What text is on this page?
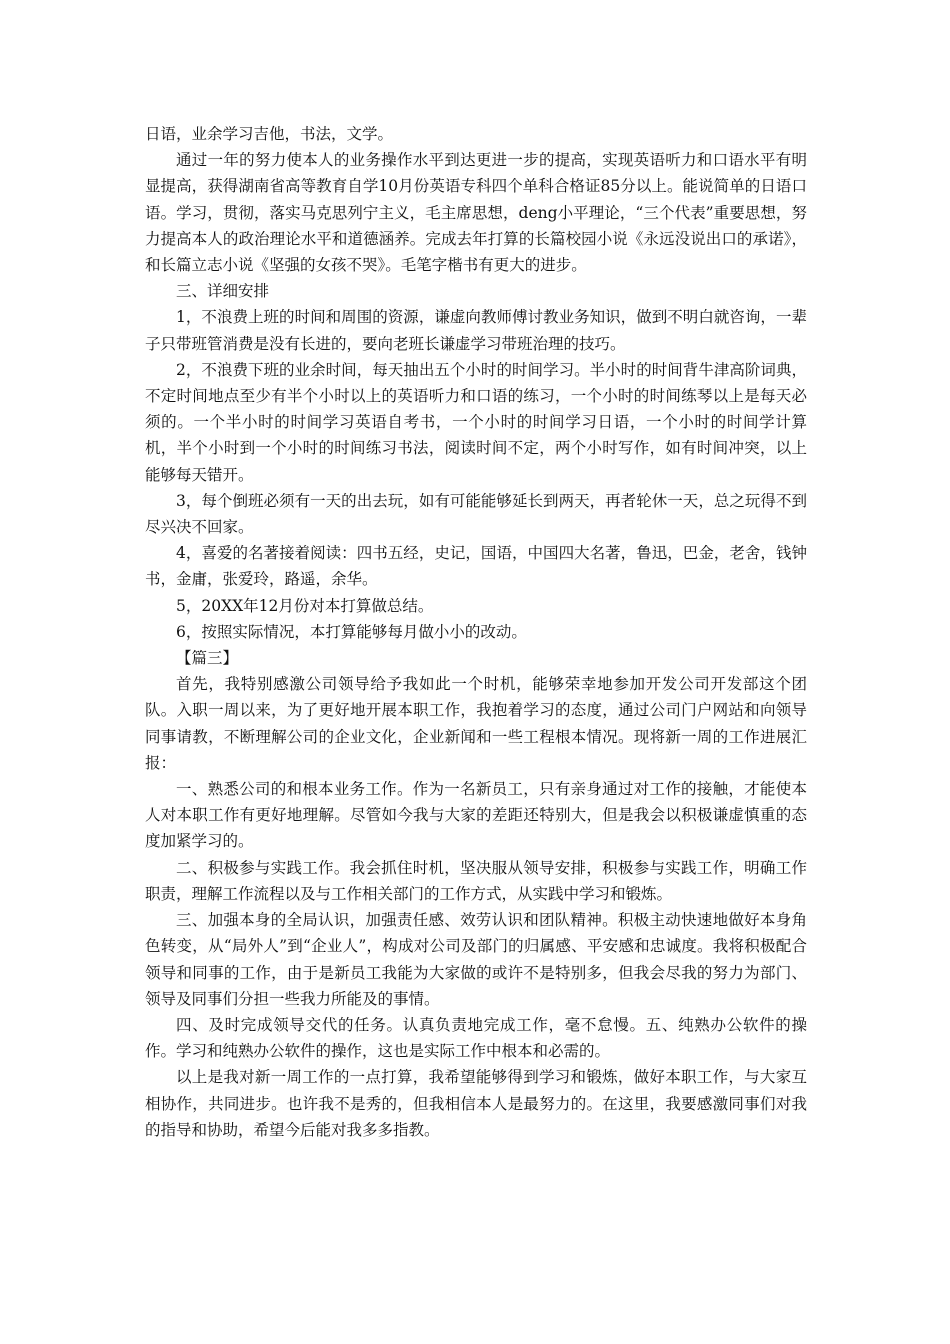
日语，业余学习吉他，书法，文学。

通过一年的努力使本人的业务操作水平到达更进一步的提高，实现英语听力和口语水平有明显提高，获得湖南省高等教育自学10月份英语专科四个单科合格证85分以上。能说简单的日语口语。学习，贯彻，落实马克思列宁主义，毛主席思想，deng小平理论，“三个代表”重要思想，努力提高本人的政治理论水平和道德涵养。完成去年打算的长篇校园小说《永远没说出口的承诺》，和长篇立志小说《坚强的女孩不哭》。毛笔字楷书有更大的进步。

三、详细安排

1，不浪费上班的时间和周围的资源，谦虚向教师傅讨教业务知识，做到不明白就咨询，一辈子只带班管消费是没有长进的，要向老班长谦虚学习带班治理的技巧。

2，不浪费下班的业余时间，每天抽出五个小时的时间学习。半小时的时间背牛津高阶词典，不定时间地点至少有半个小时以上的英语听力和口语的练习，一个小时的时间练琴以上是每天必须的。一个半小时的时间学习英语自考书，一个小时的时间学习日语，一个小时的时间学计算机，半个小时到一个小时的时间练习书法，阅读时间不定，两个小时写作，如有时间冲突，以上能够每天错开。

3，每个倒班必须有一天的出去玩，如有可能能够延长到两天，再者轮休一天，总之玩得不到尽兴决不回家。

4，喜爱的名著接着阅读：四书五经，史记，国语，中国四大名著，鲁迅，巴金，老舍，钱钟书，金庸，张爱玲，路遥，余华。

5，20XX年12月份对本打算做总结。

6，按照实际情况，本打算能够每月做小小的改动。

【篇三】

首先，我特别感激公司领导给予我如此一个时机，能够荣幸地参加开发公司开发部这个团队。入职一周以来，为了更好地开展本职工作，我抱着学习的态度，通过公司门户网站和向领导同事请教，不断理解公司的企业文化，企业新闻和一些工程根本情况。现将新一周的工作进展汇报：

一、熟悉公司的和根本业务工作。作为一名新员工，只有亲身通过对工作的接触，才能使本人对本职工作有更好地理解。尽管如今我与大家的差距还特别大，但是我会以积极谦虚慎重的态度加紧学习的。

二、积极参与实践工作。我会抓住时机，坚决服从领导安排，积极参与实践工作，明确工作职责，理解工作流程以及与工作相关部门的工作方式，从实践中学习和锻炼。

三、加强本身的全局认识，加强责任感、效劳认识和团队精神。积极主动快速地做好本身角色转变，从“局外人”到“企业人”，构成对公司及部门的归属感、平安感和忠诚度。我将积极配合领导和同事的工作，由于是新员工我能为大家做的或许不是特别多，但我会尽我的努力为部门、领导及同事们分担一些我力所能及的事情。

四、及时完成领导交代的任务。认真负责地完成工作，毫不怠慢。五、纯熟办公软件的操作。学习和纯熟办公软件的操作，这也是实际工作中根本和必需的。

以上是我对新一周工作的一点打算，我希望能够得到学习和锻炼，做好本职工作，与大家互相协作，共同进步。也许我不是秀的，但我相信本人是最努力的。在这里，我要感激同事们对我的指导和协助，希望今后能对我多多指教。
